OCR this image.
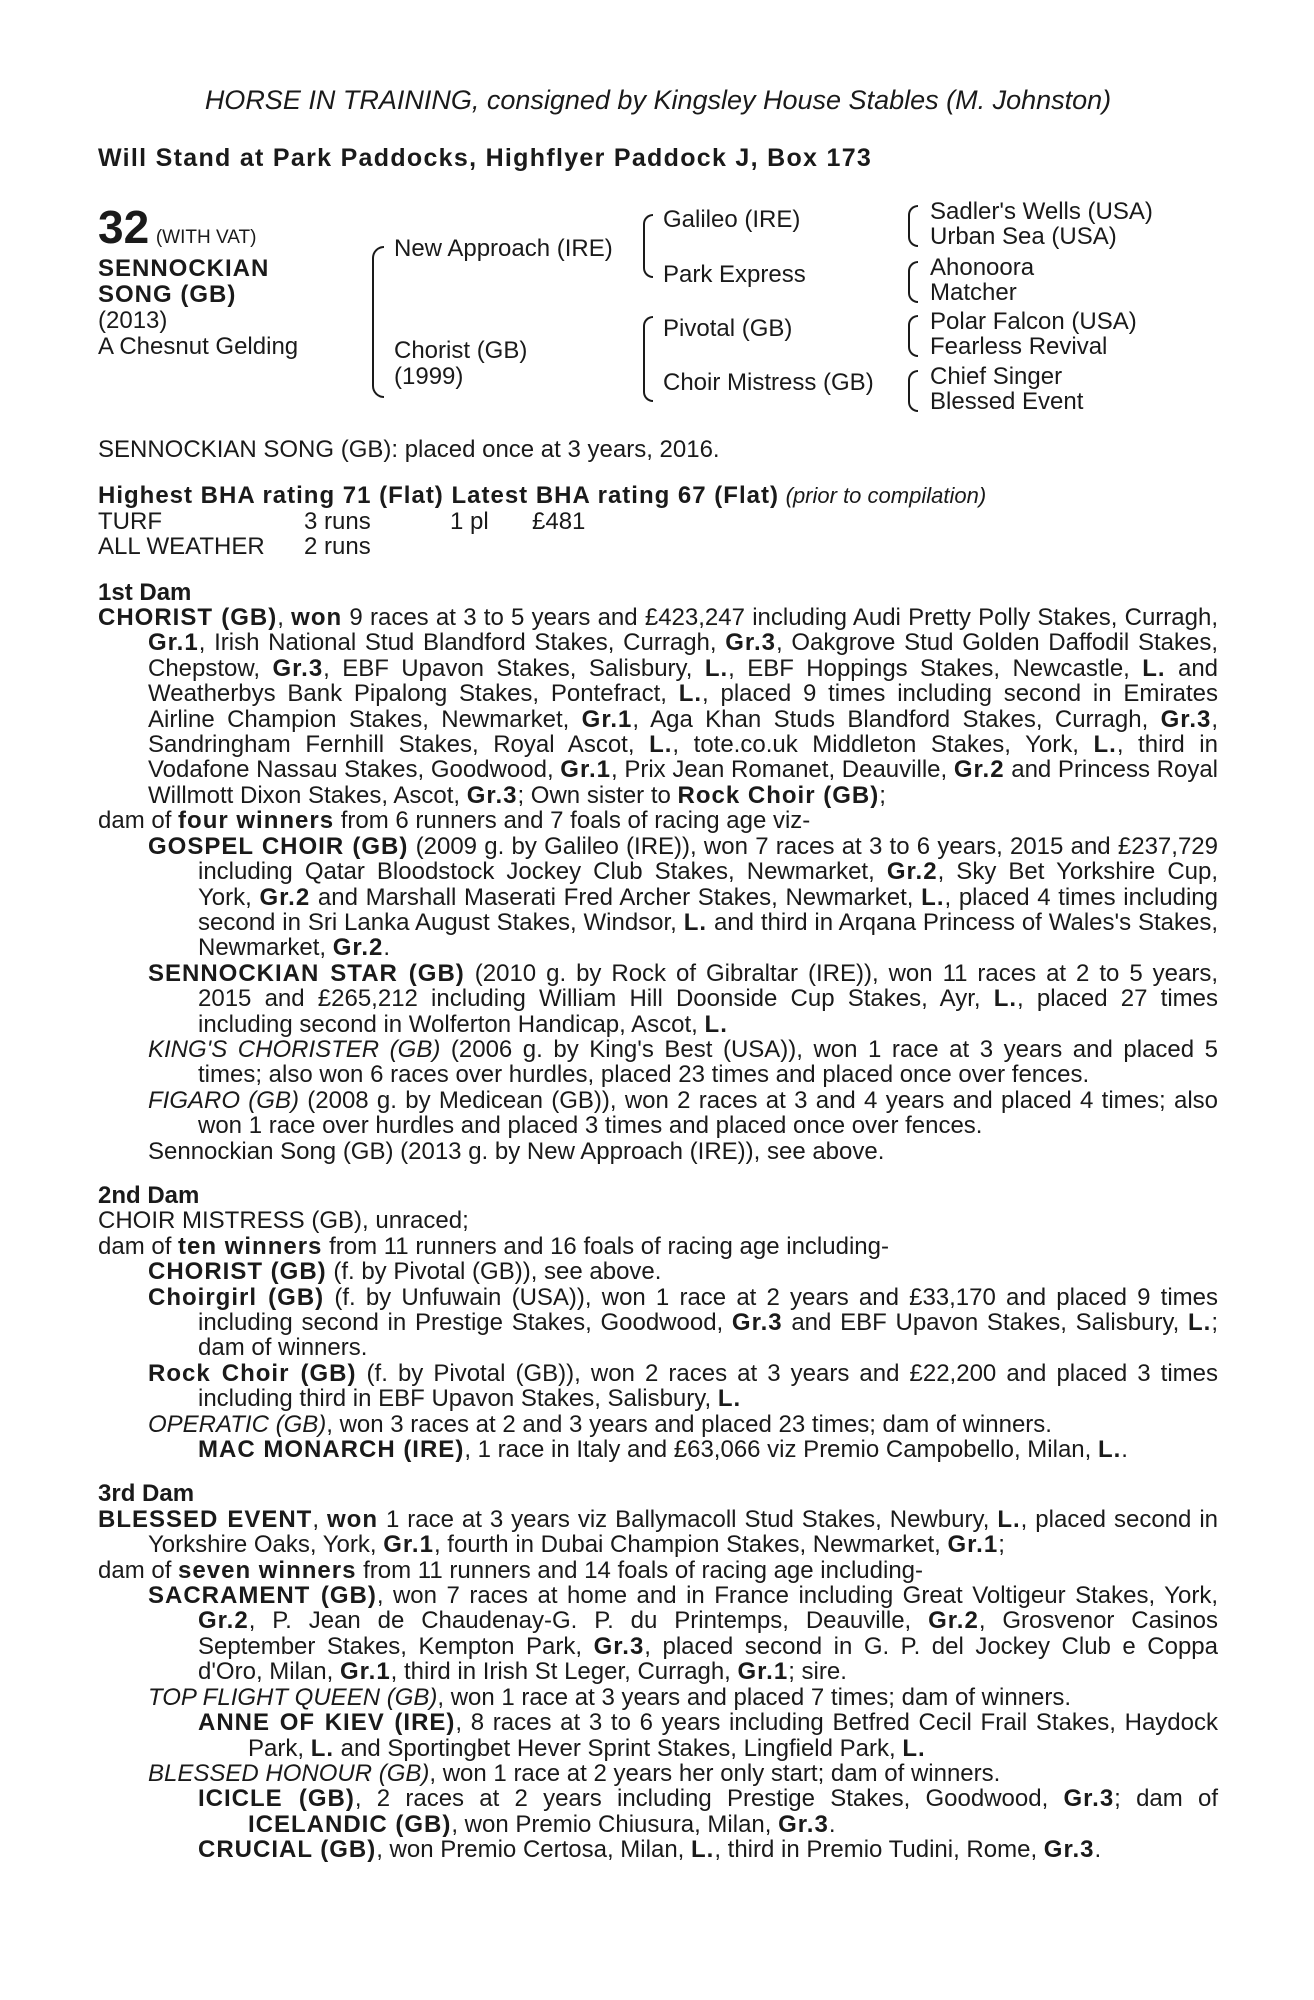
HORSE IN TRAINING, consigned by Kingsley House Stables (M. Johnston)
Will Stand at Park Paddocks, Highflyer Paddock J, Box 173
32 (WITH VAT)
SENNOCKIAN
SONG (GB)
(2013)
A Chesnut Gelding
New Approach (IRE)
Chorist (GB)
(1999)
Galileo (IRE)
Park Express
Pivotal (GB)
Choir Mistress (GB)
Sadler's Wells (USA)
Urban Sea (USA)
Ahonoora
Matcher
Polar Falcon (USA)
Fearless Revival
Chief Singer
Blessed Event
SENNOCKIAN SONG (GB): placed once at 3 years, 2016.
Highest BHA rating 71 (Flat) Latest BHA rating 67 (Flat) (prior to compilation)
TURF	3 runs	1 pl £481
ALL WEATHER 2 runs
1st Dam
CHORIST (GB), won 9 races at 3 to 5 years and £423,247 including Audi Pretty Polly Stakes, Curragh, Gr.1, Irish National Stud Blandford Stakes, Curragh, Gr.3, Oakgrove Stud Golden Daffodil Stakes, Chepstow, Gr.3, EBF Upavon Stakes, Salisbury, L., EBF Hoppings Stakes, Newcastle, L. and Weatherbys Bank Pipalong Stakes, Pontefract, L., placed 9 times including second in Emirates Airline Champion Stakes, Newmarket, Gr.1, Aga Khan Studs Blandford Stakes, Curragh, Gr.3, Sandringham Fernhill Stakes, Royal Ascot, L., tote.co.uk Middleton Stakes, York, L., third in Vodafone Nassau Stakes, Goodwood, Gr.1, Prix Jean Romanet, Deauville, Gr.2 and Princess Royal Willmott Dixon Stakes, Ascot, Gr.3; Own sister to Rock Choir (GB);
dam of four winners from 6 runners and 7 foals of racing age viz-
GOSPEL CHOIR (GB) (2009 g. by Galileo (IRE)), won 7 races at 3 to 6 years, 2015 and £237,729 including Qatar Bloodstock Jockey Club Stakes, Newmarket, Gr.2, Sky Bet Yorkshire Cup, York, Gr.2 and Marshall Maserati Fred Archer Stakes, Newmarket, L., placed 4 times including second in Sri Lanka August Stakes, Windsor, L. and third in Arqana Princess of Wales's Stakes, Newmarket, Gr.2.
SENNOCKIAN STAR (GB) (2010 g. by Rock of Gibraltar (IRE)), won 11 races at 2 to 5 years, 2015 and £265,212 including William Hill Doonside Cup Stakes, Ayr, L., placed 27 times including second in Wolferton Handicap, Ascot, L.
KING'S CHORISTER (GB) (2006 g. by King's Best (USA)), won 1 race at 3 years and placed 5 times; also won 6 races over hurdles, placed 23 times and placed once over fences.
FIGARO (GB) (2008 g. by Medicean (GB)), won 2 races at 3 and 4 years and placed 4 times; also won 1 race over hurdles and placed 3 times and placed once over fences.
Sennockian Song (GB) (2013 g. by New Approach (IRE)), see above.
2nd Dam
CHOIR MISTRESS (GB), unraced;
dam of ten winners from 11 runners and 16 foals of racing age including-
CHORIST (GB) (f. by Pivotal (GB)), see above.
Choirgirl (GB) (f. by Unfuwain (USA)), won 1 race at 2 years and £33,170 and placed 9 times including second in Prestige Stakes, Goodwood, Gr.3 and EBF Upavon Stakes, Salisbury, L.; dam of winners.
Rock Choir (GB) (f. by Pivotal (GB)), won 2 races at 3 years and £22,200 and placed 3 times including third in EBF Upavon Stakes, Salisbury, L.
OPERATIC (GB), won 3 races at 2 and 3 years and placed 23 times; dam of winners.
MAC MONARCH (IRE), 1 race in Italy and £63,066 viz Premio Campobello, Milan, L..
3rd Dam
BLESSED EVENT, won 1 race at 3 years viz Ballymacoll Stud Stakes, Newbury, L., placed second in Yorkshire Oaks, York, Gr.1, fourth in Dubai Champion Stakes, Newmarket, Gr.1;
dam of seven winners from 11 runners and 14 foals of racing age including-
SACRAMENT (GB), won 7 races at home and in France including Great Voltigeur Stakes, York, Gr.2, P. Jean de Chaudenay-G. P. du Printemps, Deauville, Gr.2, Grosvenor Casinos September Stakes, Kempton Park, Gr.3, placed second in G. P. del Jockey Club e Coppa d'Oro, Milan, Gr.1, third in Irish St Leger, Curragh, Gr.1; sire.
TOP FLIGHT QUEEN (GB), won 1 race at 3 years and placed 7 times; dam of winners.
ANNE OF KIEV (IRE), 8 races at 3 to 6 years including Betfred Cecil Frail Stakes, Haydock Park, L. and Sportingbet Hever Sprint Stakes, Lingfield Park, L.
BLESSED HONOUR (GB), won 1 race at 2 years her only start; dam of winners.
ICICLE (GB), 2 races at 2 years including Prestige Stakes, Goodwood, Gr.3; dam of ICELANDIC (GB), won Premio Chiusura, Milan, Gr.3.
CRUCIAL (GB), won Premio Certosa, Milan, L., third in Premio Tudini, Rome, Gr.3.
